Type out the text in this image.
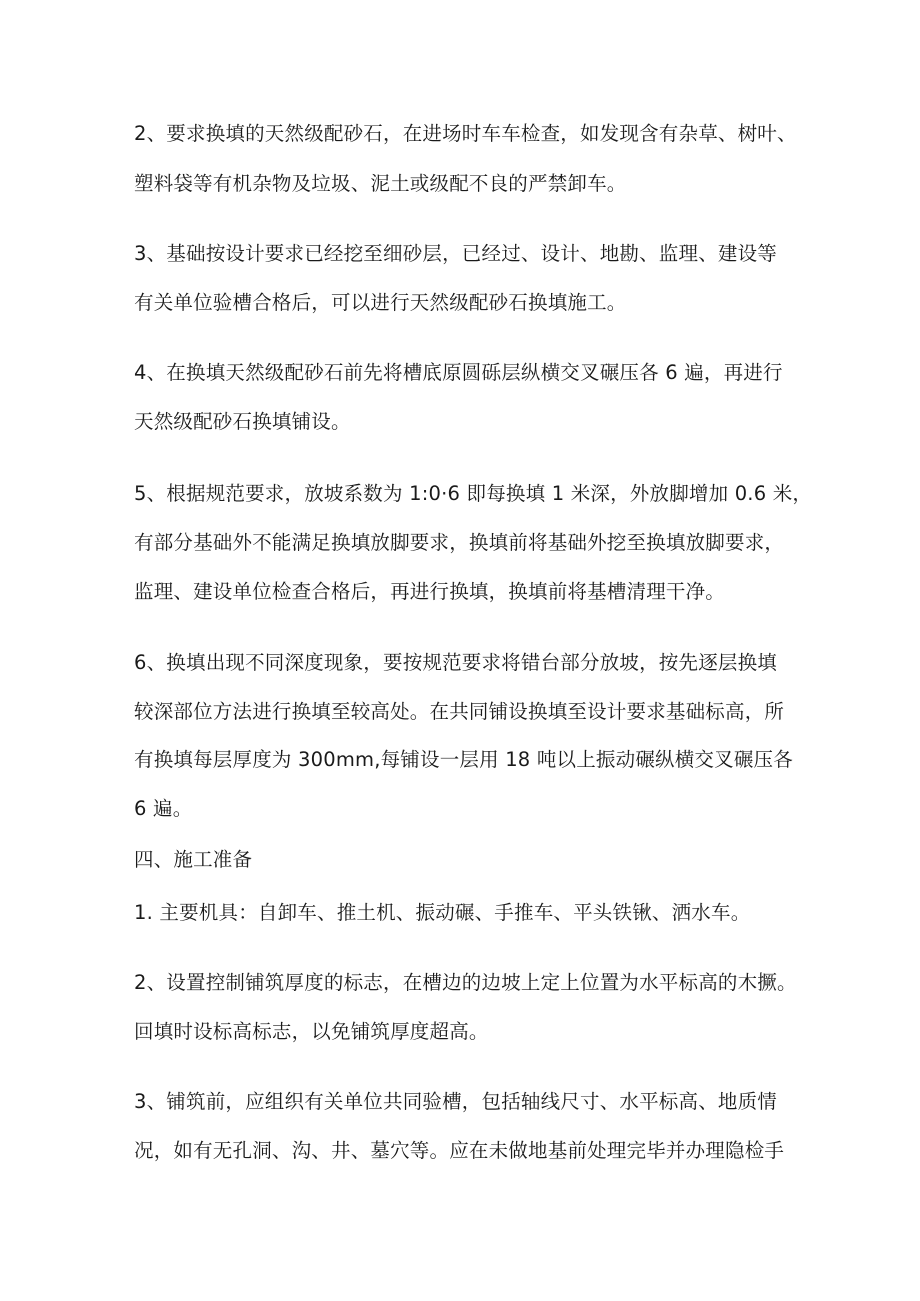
2、要求换填的天然级配砂石，在进场时车车检查，如发现含有杂草、树叶、
塑料袋等有机杂物及垃圾、泥土或级配不良的严禁卸车。
3、基础按设计要求已经挖至细砂层，已经过、设计、地勘、监理、建设等
有关单位验槽合格后，可以进行天然级配砂石换填施工。
4、在换填天然级配砂石前先将槽底原圆砾层纵横交叉碾压各 6 遍，再进行
天然级配砂石换填铺设。
5、根据规范要求，放坡系数为 1:0·6 即每换填 1 米深，外放脚增加 0.6 米，
有部分基础外不能满足换填放脚要求，换填前将基础外挖至换填放脚要求，
监理、建设单位检查合格后，再进行换填，换填前将基槽清理干净。
6、换填出现不同深度现象，要按规范要求将错台部分放坡，按先逐层换填
较深部位方法进行换填至较高处。在共同铺设换填至设计要求基础标高，所
有换填每层厚度为 300mm,每铺设一层用 18 吨以上振动碾纵横交叉碾压各
6 遍。
四、施工准备
1. 主要机具：自卸车、推土机、振动碾、手推车、平头铁锹、洒水车。
2、设置控制铺筑厚度的标志，在槽边的边坡上定上位置为水平标高的木撅。
回填时设标高标志，以免铺筑厚度超高。
3、铺筑前，应组织有关单位共同验槽，包括轴线尺寸、水平标高、地质情
况，如有无孔洞、沟、井、墓穴等。应在未做地基前处理完毕并办理隐检手
